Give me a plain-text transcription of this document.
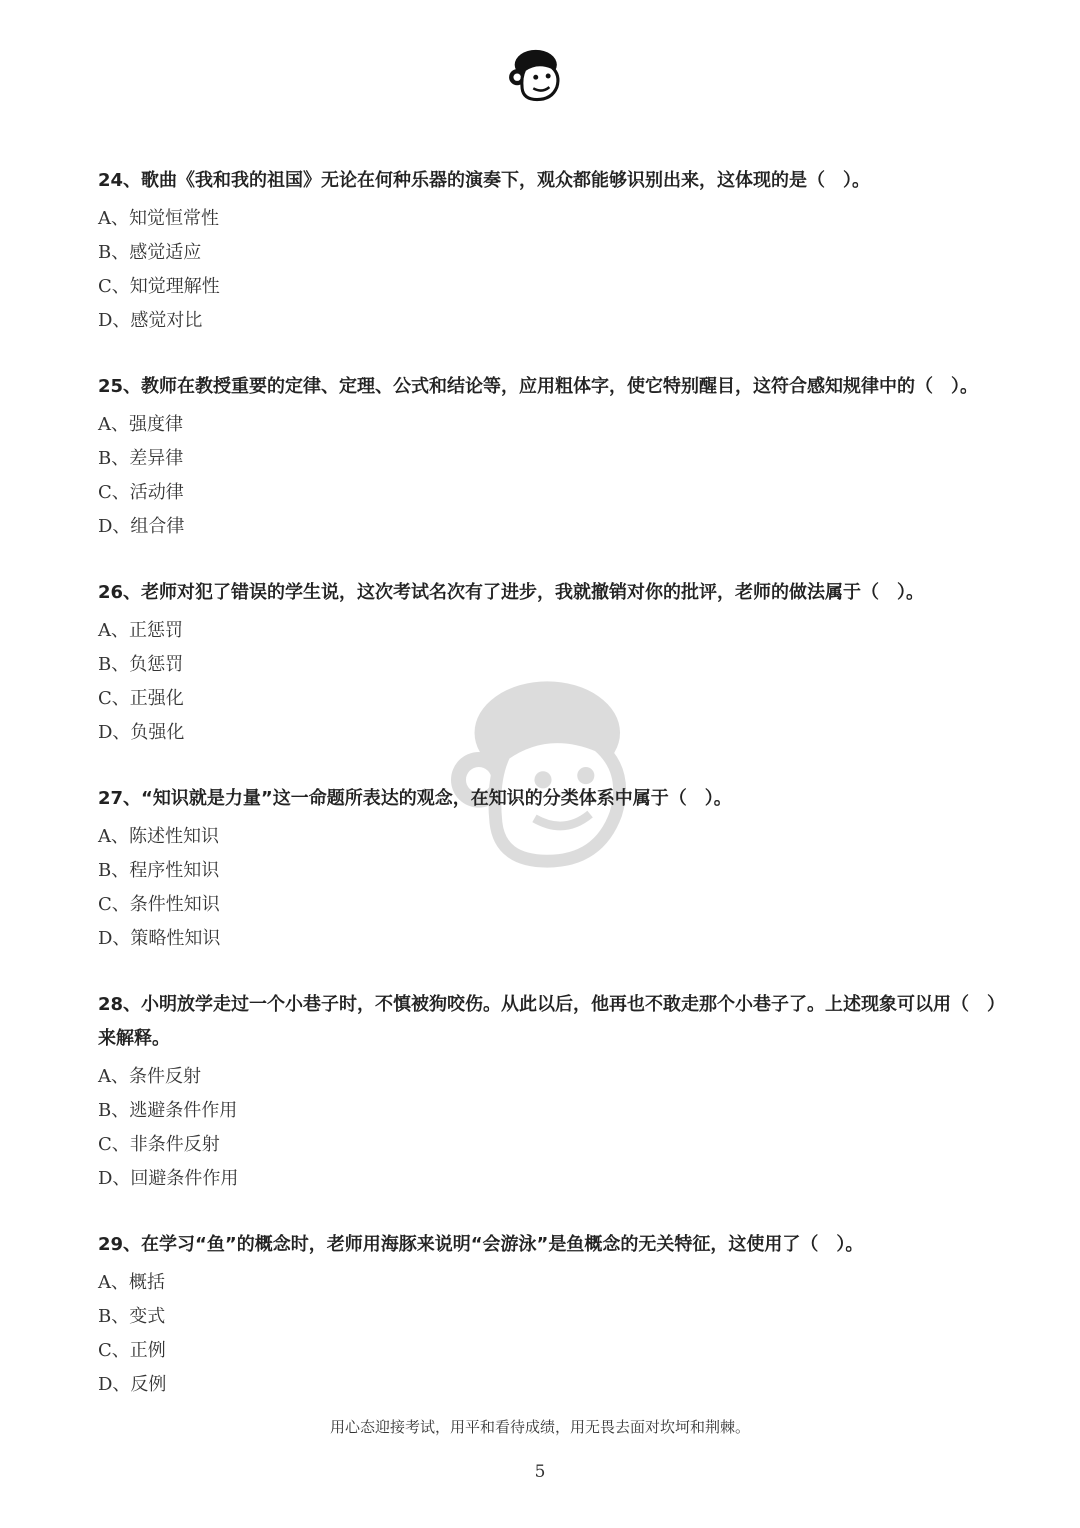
24、歌曲《我和我的祖国》无论在何种乐器的演奏下，观众都能够识别出来，这体现的是（　）。

A、知觉恒常性

B、感觉适应

C、知觉理解性

D、感觉对比

25、教师在教授重要的定律、定理、公式和结论等，应用粗体字，使它特别醒目，这符合感知规律中的（　）。

A、强度律

B、差异律

C、活动律

D、组合律

26、老师对犯了错误的学生说，这次考试名次有了进步，我就撤销对你的批评，老师的做法属于（　）。

A、正惩罚

B、负惩罚

C、正强化

D、负强化

27、“知识就是力量”这一命题所表达的观念，在知识的分类体系中属于（　）。

A、陈述性知识

B、程序性知识

C、条件性知识

D、策略性知识

28、小明放学走过一个小巷子时，不慎被狗咬伤。从此以后，他再也不敢走那个小巷子了。上述现象可以用（　）来解释。

A、条件反射

B、逃避条件作用

C、非条件反射

D、回避条件作用

29、在学习“鱼”的概念时，老师用海豚来说明“会游泳”是鱼概念的无关特征，这使用了（　）。

A、概括

B、变式

C、正例

D、反例

用心态迎接考试，用平和看待成绩，用无畏去面对坎坷和荆棘。
5
